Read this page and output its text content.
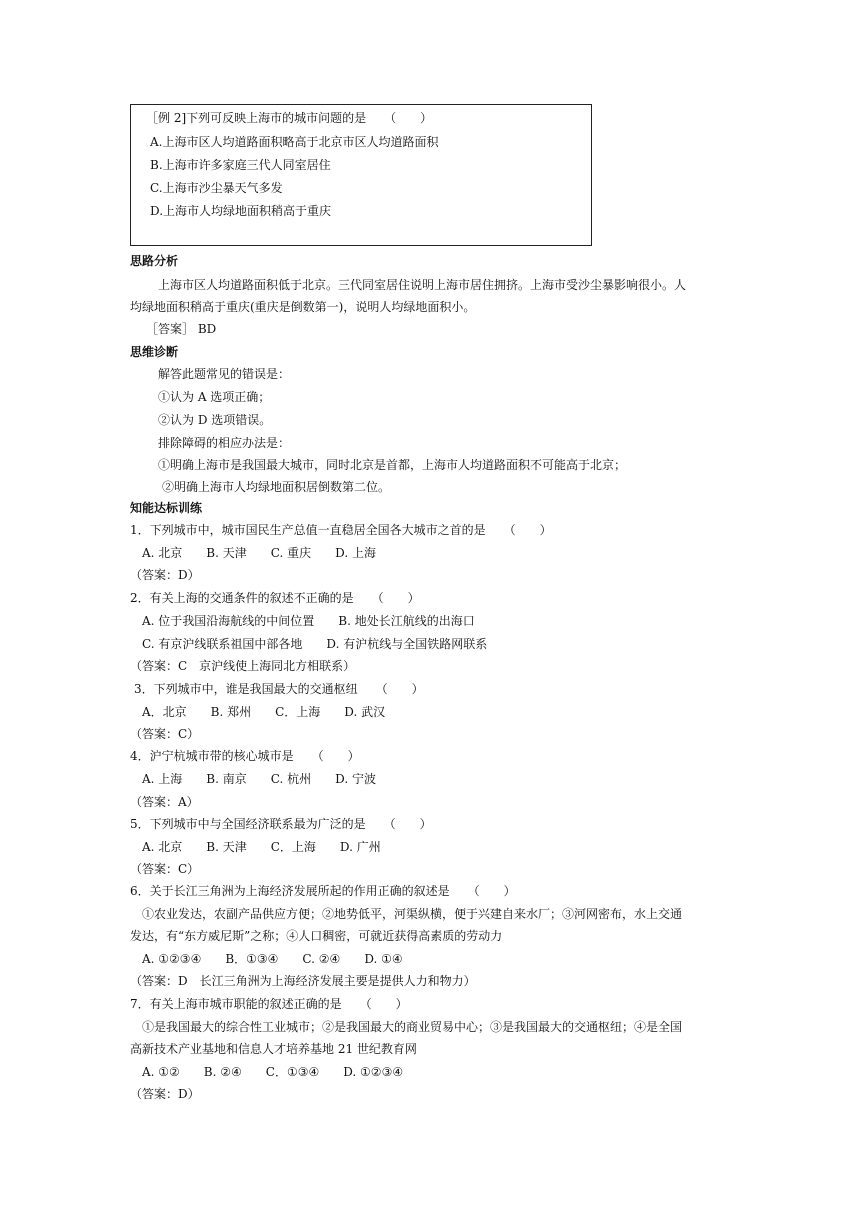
［例 2]下列可反映上海市的城市问题的是　　（　　）
A.上海市区人均道路面积略高于北京市区人均道路面积
B.上海市许多家庭三代人同室居住
C.上海市沙尘暴天气多发
D.上海市人均绿地面积稍高于重庆
思路分析
上海市区人均道路面积低于北京。三代同室居住说明上海市居住拥挤。上海市受沙尘暴影响很小。人
均绿地面积稍高于重庆(重庆是倒数第一)，说明人均绿地面积小。
［答案］ BD
思维诊断
解答此题常见的错误是：
①认为 A 选项正确；
②认为 D 选项错误。
排除障碍的相应办法是：
①明确上海市是我国最大城市，同时北京是首都，上海市人均道路面积不可能高于北京；
②明确上海市人均绿地面积居倒数第二位。
知能达标训练
1．下列城市中，城市国民生产总值一直稳居全国各大城市之首的是　　（　　）
A. 北京　　B. 天津　　C. 重庆　　D. 上海
（答案：D）
2．有关上海的交通条件的叙述不正确的是　　（　　）
A. 位于我国沿海航线的中间位置　　B. 地处长江航线的出海口
C. 有京沪线联系祖国中部各地　　D. 有沪杭线与全国铁路网联系
（答案：C　京沪线使上海同北方相联系）
3．下列城市中，谁是我国最大的交通枢纽　　（　　）
A．北京　　B. 郑州　　C．上海　　D. 武汉
（答案：C）
4．沪宁杭城市带的核心城市是　　（　　）
A. 上海　　B. 南京　　C. 杭州　　D. 宁波
（答案：A）
5．下列城市中与全国经济联系最为广泛的是　　（　　）
A. 北京　　B. 天津　　C．上海　　D. 广州
（答案：C）
6．关于长江三角洲为上海经济发展所起的作用正确的叙述是　　（　　）
①农业发达，农副产品供应方便；②地势低平，河渠纵横，便于兴建自来水厂；③河网密布，水上交通
发达，有“东方威尼斯”之称；④人口稠密，可就近获得高素质的劳动力
A. ①②③④　　B．①③④　　C. ②④　　D. ①④
（答案：D　长江三角洲为上海经济发展主要是提供人力和物力）
7．有关上海市城市职能的叙述正确的是　　（　　）
①是我国最大的综合性工业城市；②是我国最大的商业贸易中心；③是我国最大的交通枢纽；④是全国
高新技术产业基地和信息人才培养基地 21 世纪教育网
A. ①②　　B. ②④　　C．①③④　　D. ①②③④
（答案：D）
